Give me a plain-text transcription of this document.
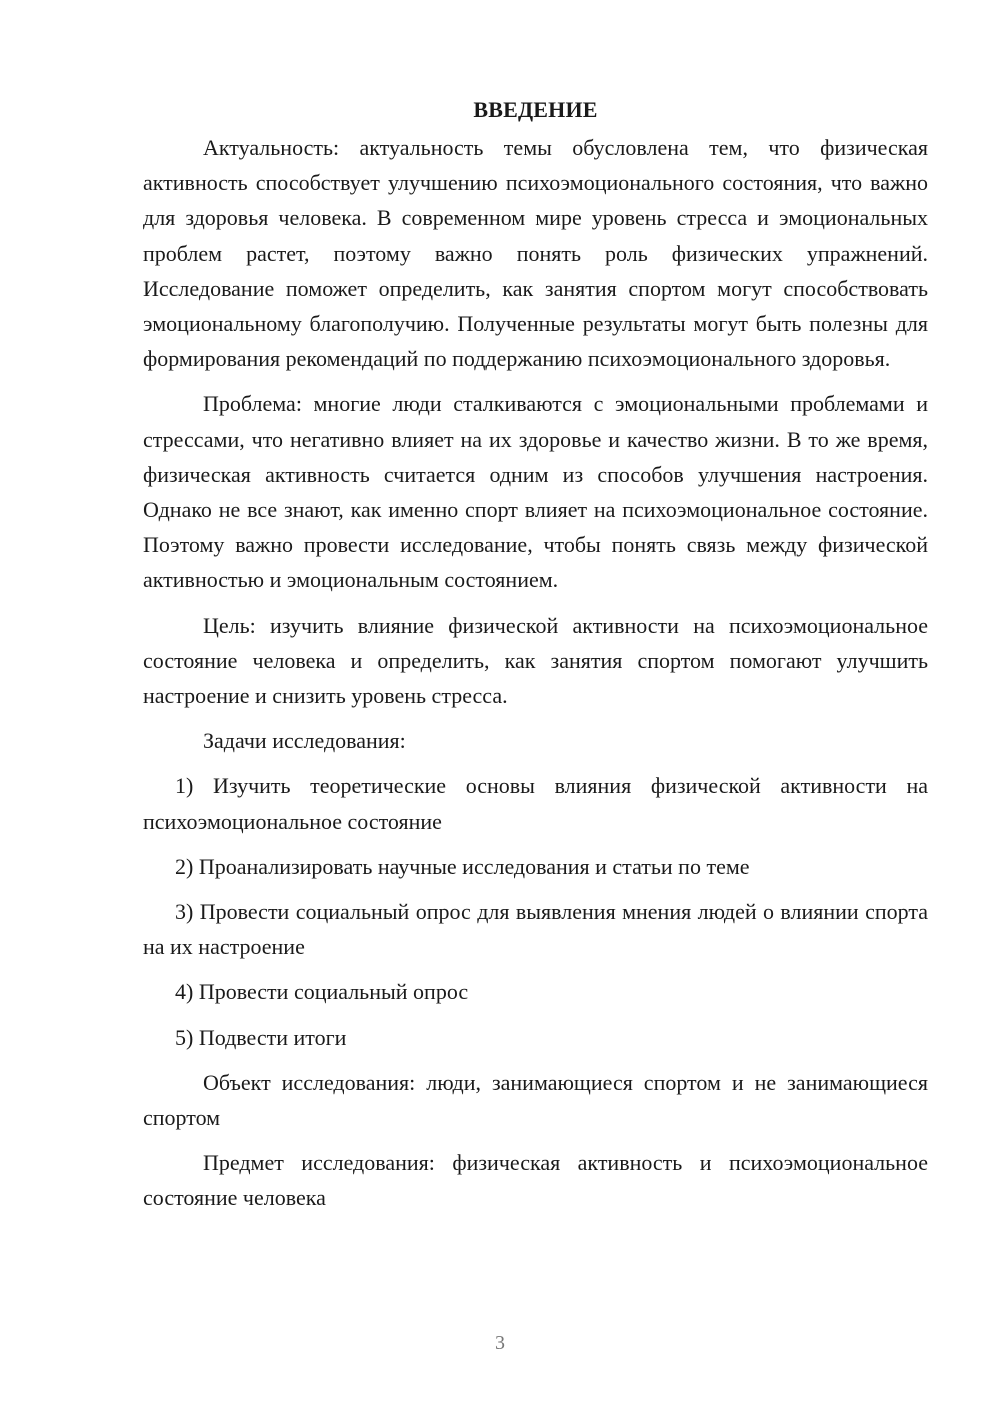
ВВЕДЕНИЕ

Актуальность: актуальность темы обусловлена тем, что физическая активность способствует улучшению психоэмоционального состояния, что важно для здоровья человека. В современном мире уровень стресса и эмоциональных проблем растет, поэтому важно понять роль физических упражнений. Исследование поможет определить, как занятия спортом могут способствовать эмоциональному благополучию. Полученные результаты могут быть полезны для формирования рекомендаций по поддержанию психоэмоционального здоровья.

Проблема: многие люди сталкиваются с эмоциональными проблемами и стрессами, что негативно влияет на их здоровье и качество жизни. В то же время, физическая активность считается одним из способов улучшения настроения. Однако не все знают, как именно спорт влияет на психоэмоциональное состояние. Поэтому важно провести исследование, чтобы понять связь между физической активностью и эмоциональным состоянием.

Цель: изучить влияние физической активности на психоэмоциональное состояние человека и определить, как занятия спортом помогают улучшить настроение и снизить уровень стресса.

Задачи исследования:

1) Изучить теоретические основы влияния физической активности на психоэмоциональное состояние

2) Проанализировать научные исследования и статьи по теме

3) Провести социальный опрос для выявления мнения людей о влиянии спорта на их настроение

4) Провести социальный опрос

5) Подвести итоги

Объект исследования: люди, занимающиеся спортом и не занимающиеся спортом

Предмет исследования: физическая активность и психоэмоциональное состояние человека

3
